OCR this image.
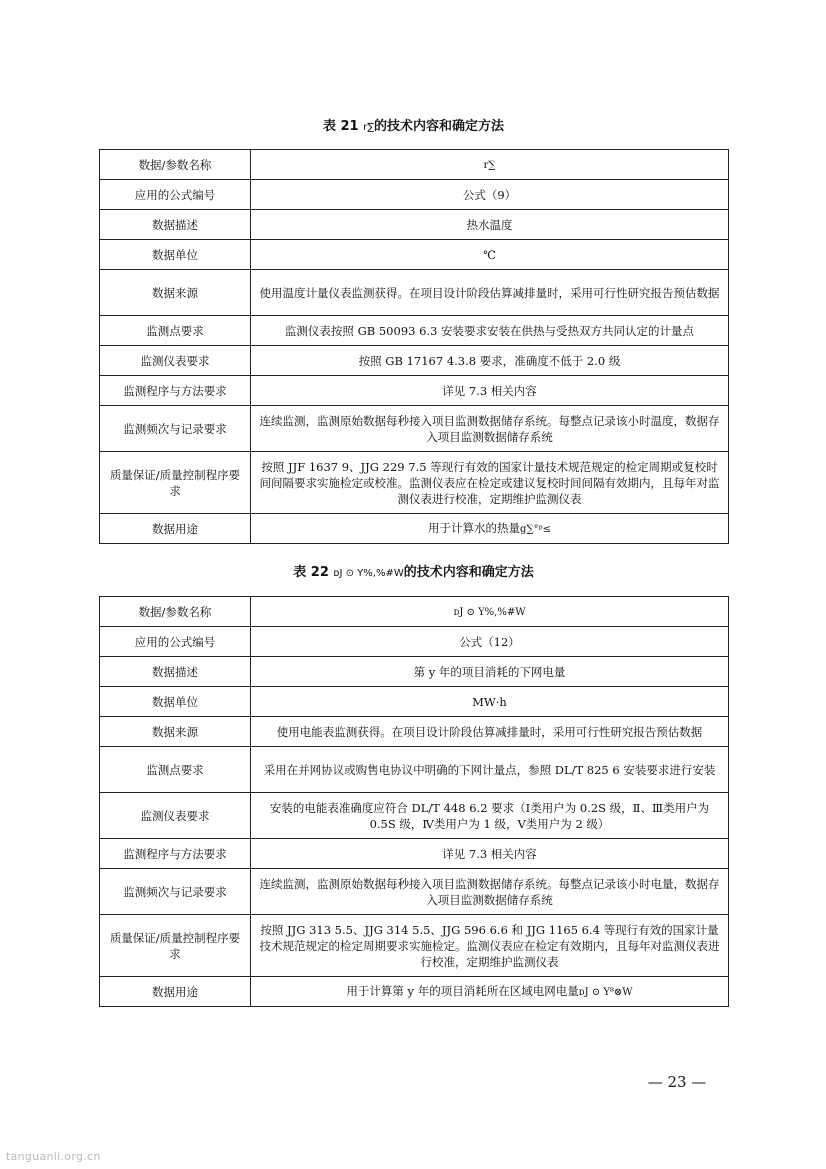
表 21 r∑的技术内容和确定方法
数据/参数名称	r∑
应用的公式编号	公式（9）
数据描述	热水温度
数据单位	℃
数据来源	使用温度计量仪表监测获得。在项目设计阶段估算减排量时，采用可行性研究报告预估数据
监测点要求	监测仪表按照 GB 50093 6.3 安装要求安装在供热与受热双方共同认定的计量点
监测仪表要求	按照 GB 17167 4.3.8 要求，准确度不低于 2.0 级
监测程序与方法要求	详见 7.3 相关内容
监测频次与记录要求	连续监测，监测原始数据每秒接入项目监测数据储存系统。每整点记录该小时温度，数据存入项目监测数据储存系统
质量保证/质量控制程序要求	按照 JJF 1637 9、JJG 229 7.5 等现行有效的国家计量技术规范规定的检定周期或复校时间间隔要求实施检定或校准。监测仪表应在检定或建议复校时间间隔有效期内，且每年对监测仪表进行校准，定期维护监测仪表
数据用途	用于计算水的热量g∑°ᵖ≤
表 22 ᴅJ ⊙ Y%,%#W的技术内容和确定方法
数据/参数名称	ᴅJ ⊙ Y%,%#W
应用的公式编号	公式（12）
数据描述	第 y 年的项目消耗的下网电量
数据单位	MW·h
数据来源	使用电能表监测获得。在项目设计阶段估算减排量时，采用可行性研究报告预估数据
监测点要求	采用在并网协议或购售电协议中明确的下网计量点，参照 DL/T 825 6 安装要求进行安装
监测仪表要求	安装的电能表准确度应符合 DL/T 448 6.2 要求（Ⅰ类用户为 0.2S 级，Ⅱ、Ⅲ类用户为 0.5S 级，Ⅳ类用户为 1 级，Ⅴ类用户为 2 级）
监测程序与方法要求	详见 7.3 相关内容
监测频次与记录要求	连续监测，监测原始数据每秒接入项目监测数据储存系统。每整点记录该小时电量，数据存入项目监测数据储存系统
质量保证/质量控制程序要求	按照 JJG 313 5.5、JJG 314 5.5、JJG 596 6.6 和 JJG 1165 6.4 等现行有效的国家计量技术规范规定的检定周期要求实施检定。监测仪表应在检定有效期内，且每年对监测仪表进行校准，定期维护监测仪表
数据用途	用于计算第 y 年的项目消耗所在区域电网电量ᴅJ ⊙ Y⁸⊗W
— 23 —
tanguanli.org.cn
